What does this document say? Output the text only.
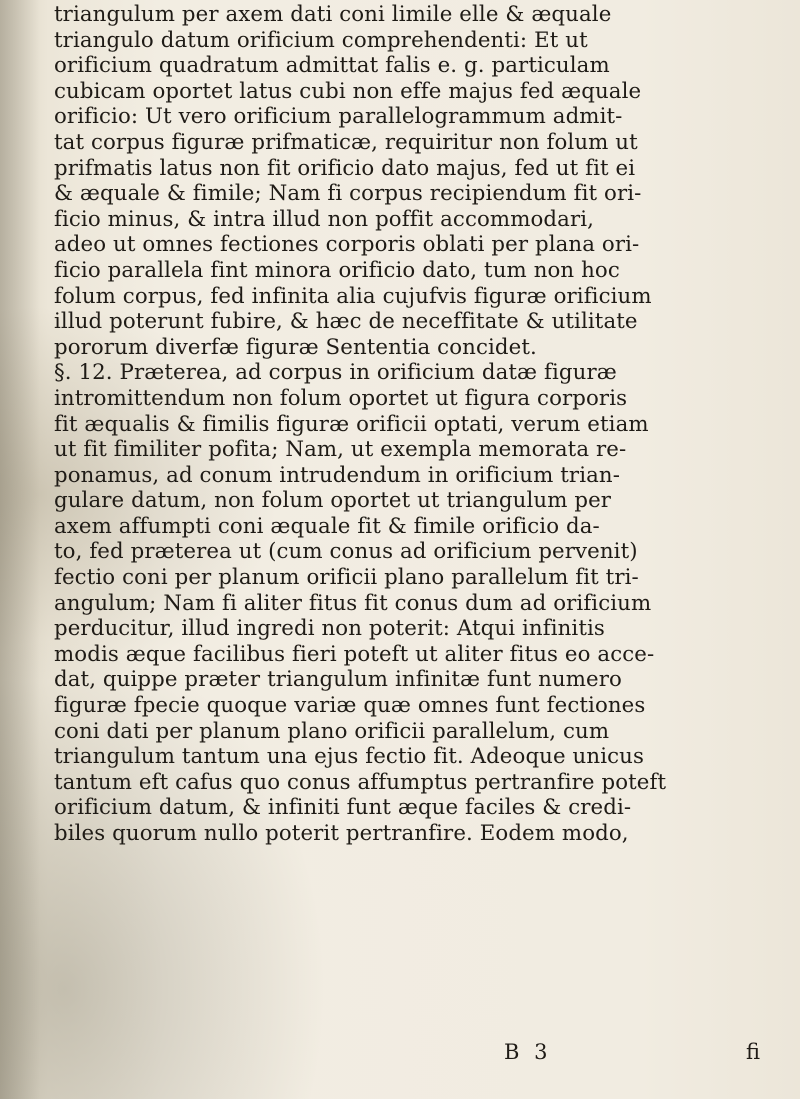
triangulum per axem dati coni limile elle & æquale
triangulo datum orificium comprehendenti: Et ut
orificium quadratum admittat falis e. g. particulam
cubicam oportet latus cubi non effe majus fed æquale
orificio: Ut vero orificium parallelogrammum admit-
tat corpus figuræ prifmaticæ, requiritur non folum ut
prifmatis latus non fit orificio dato majus, fed ut fit ei
& æquale & fimile; Nam fi corpus recipiendum fit ori-
ficio minus, & intra illud non poffit accommodari,
adeo ut omnes fectiones corporis oblati per plana ori-
ficio parallela fint minora orificio dato, tum non hoc
folum corpus, fed infinita alia cujufvis figuræ orificium
illud poterunt fubire, & hæc de neceffitate & utilitate
pororum diverfæ figuræ Sententia concidet.
§. 12. Præterea, ad corpus in orificium datæ figuræ
intromittendum non folum oportet ut figura corporis
fit æqualis & fimilis figuræ orificii optati, verum etiam
ut fit fimiliter pofita; Nam, ut exempla memorata re-
ponamus, ad conum intrudendum in orificium trian-
gulare datum, non folum oportet ut triangulum per
axem affumpti coni æquale fit & fimile orificio da-
to, fed præterea ut (cum conus ad orificium pervenit)
fectio coni per planum orificii plano parallelum fit tri-
angulum; Nam fi aliter fitus fit conus dum ad orificium
perducitur, illud ingredi non poterit: Atqui infinitis
modis æque facilibus fieri poteft ut aliter fitus eo acce-
dat, quippe præter triangulum infinitæ funt numero
figuræ fpecie quoque variæ quæ omnes funt fectiones
coni dati per planum plano orificii parallelum, cum
triangulum tantum una ejus fectio fit. Adeoque unicus
tantum eft cafus quo conus affumptus pertranfire poteft
orificium datum, & infiniti funt æque faciles & credi-
biles quorum nullo poterit pertranfire. Eodem modo,
B 3	fi
